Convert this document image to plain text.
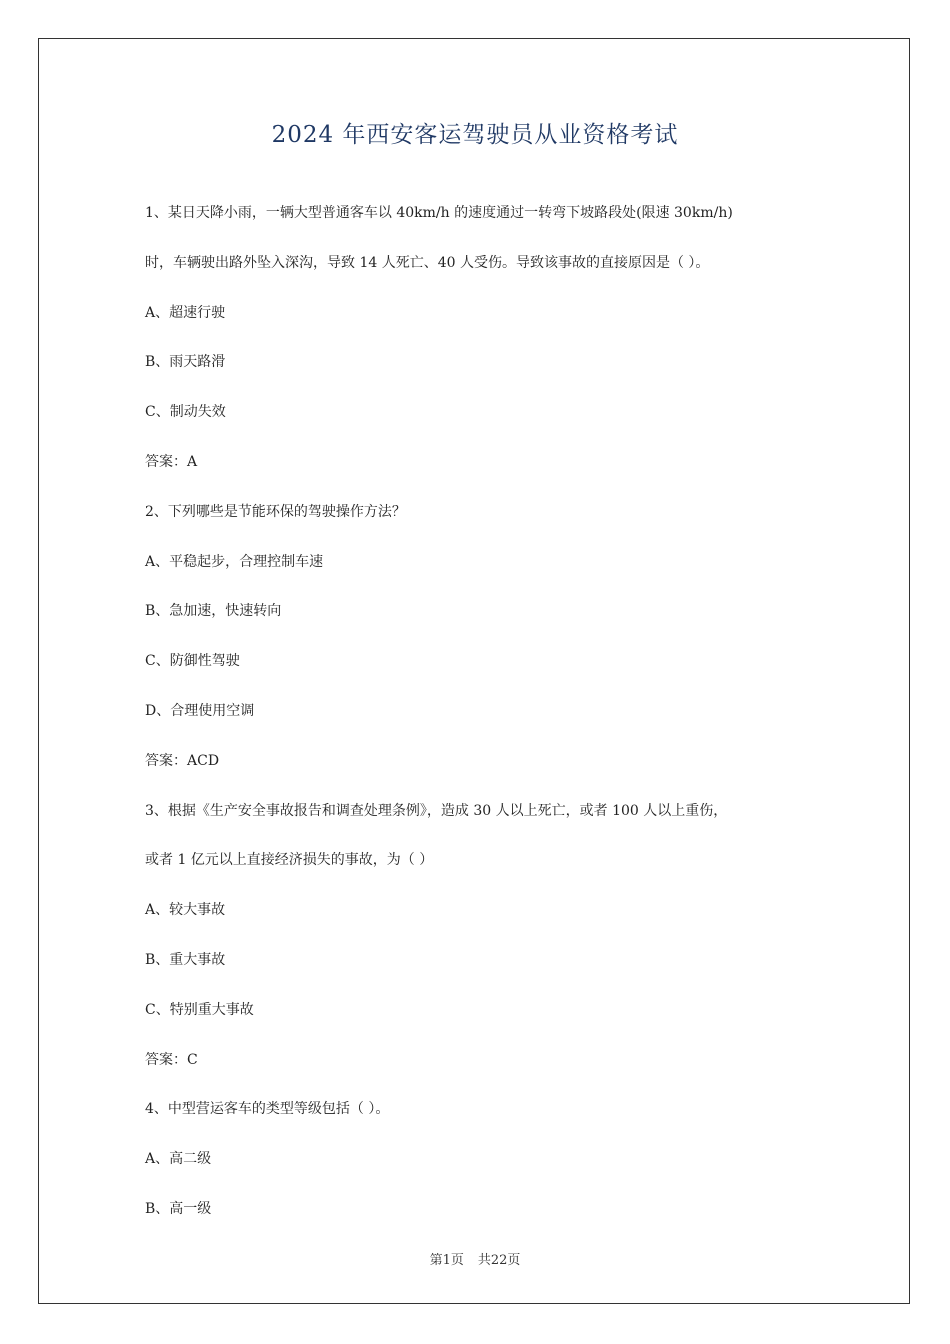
2024 年西安客运驾驶员从业资格考试
1、某日天降小雨，一辆大型普通客车以 40km/h 的速度通过一转弯下坡路段处(限速 30km/h)
时，车辆驶出路外坠入深沟，导致 14 人死亡、40 人受伤。导致该事故的直接原因是（ ）。
A、超速行驶
B、雨天路滑
C、制动失效
答案：A
2、下列哪些是节能环保的驾驶操作方法？
A、平稳起步，合理控制车速
B、急加速，快速转向
C、防御性驾驶
D、合理使用空调
答案：ACD
3、根据《生产安全事故报告和调查处理条例》，造成 30 人以上死亡，或者 100 人以上重伤，
或者 1 亿元以上直接经济损失的事故，为（ ）
A、较大事故
B、重大事故
C、特别重大事故
答案：C
4、中型营运客车的类型等级包括（ ）。
A、高二级
B、高一级
第1页 共22页
